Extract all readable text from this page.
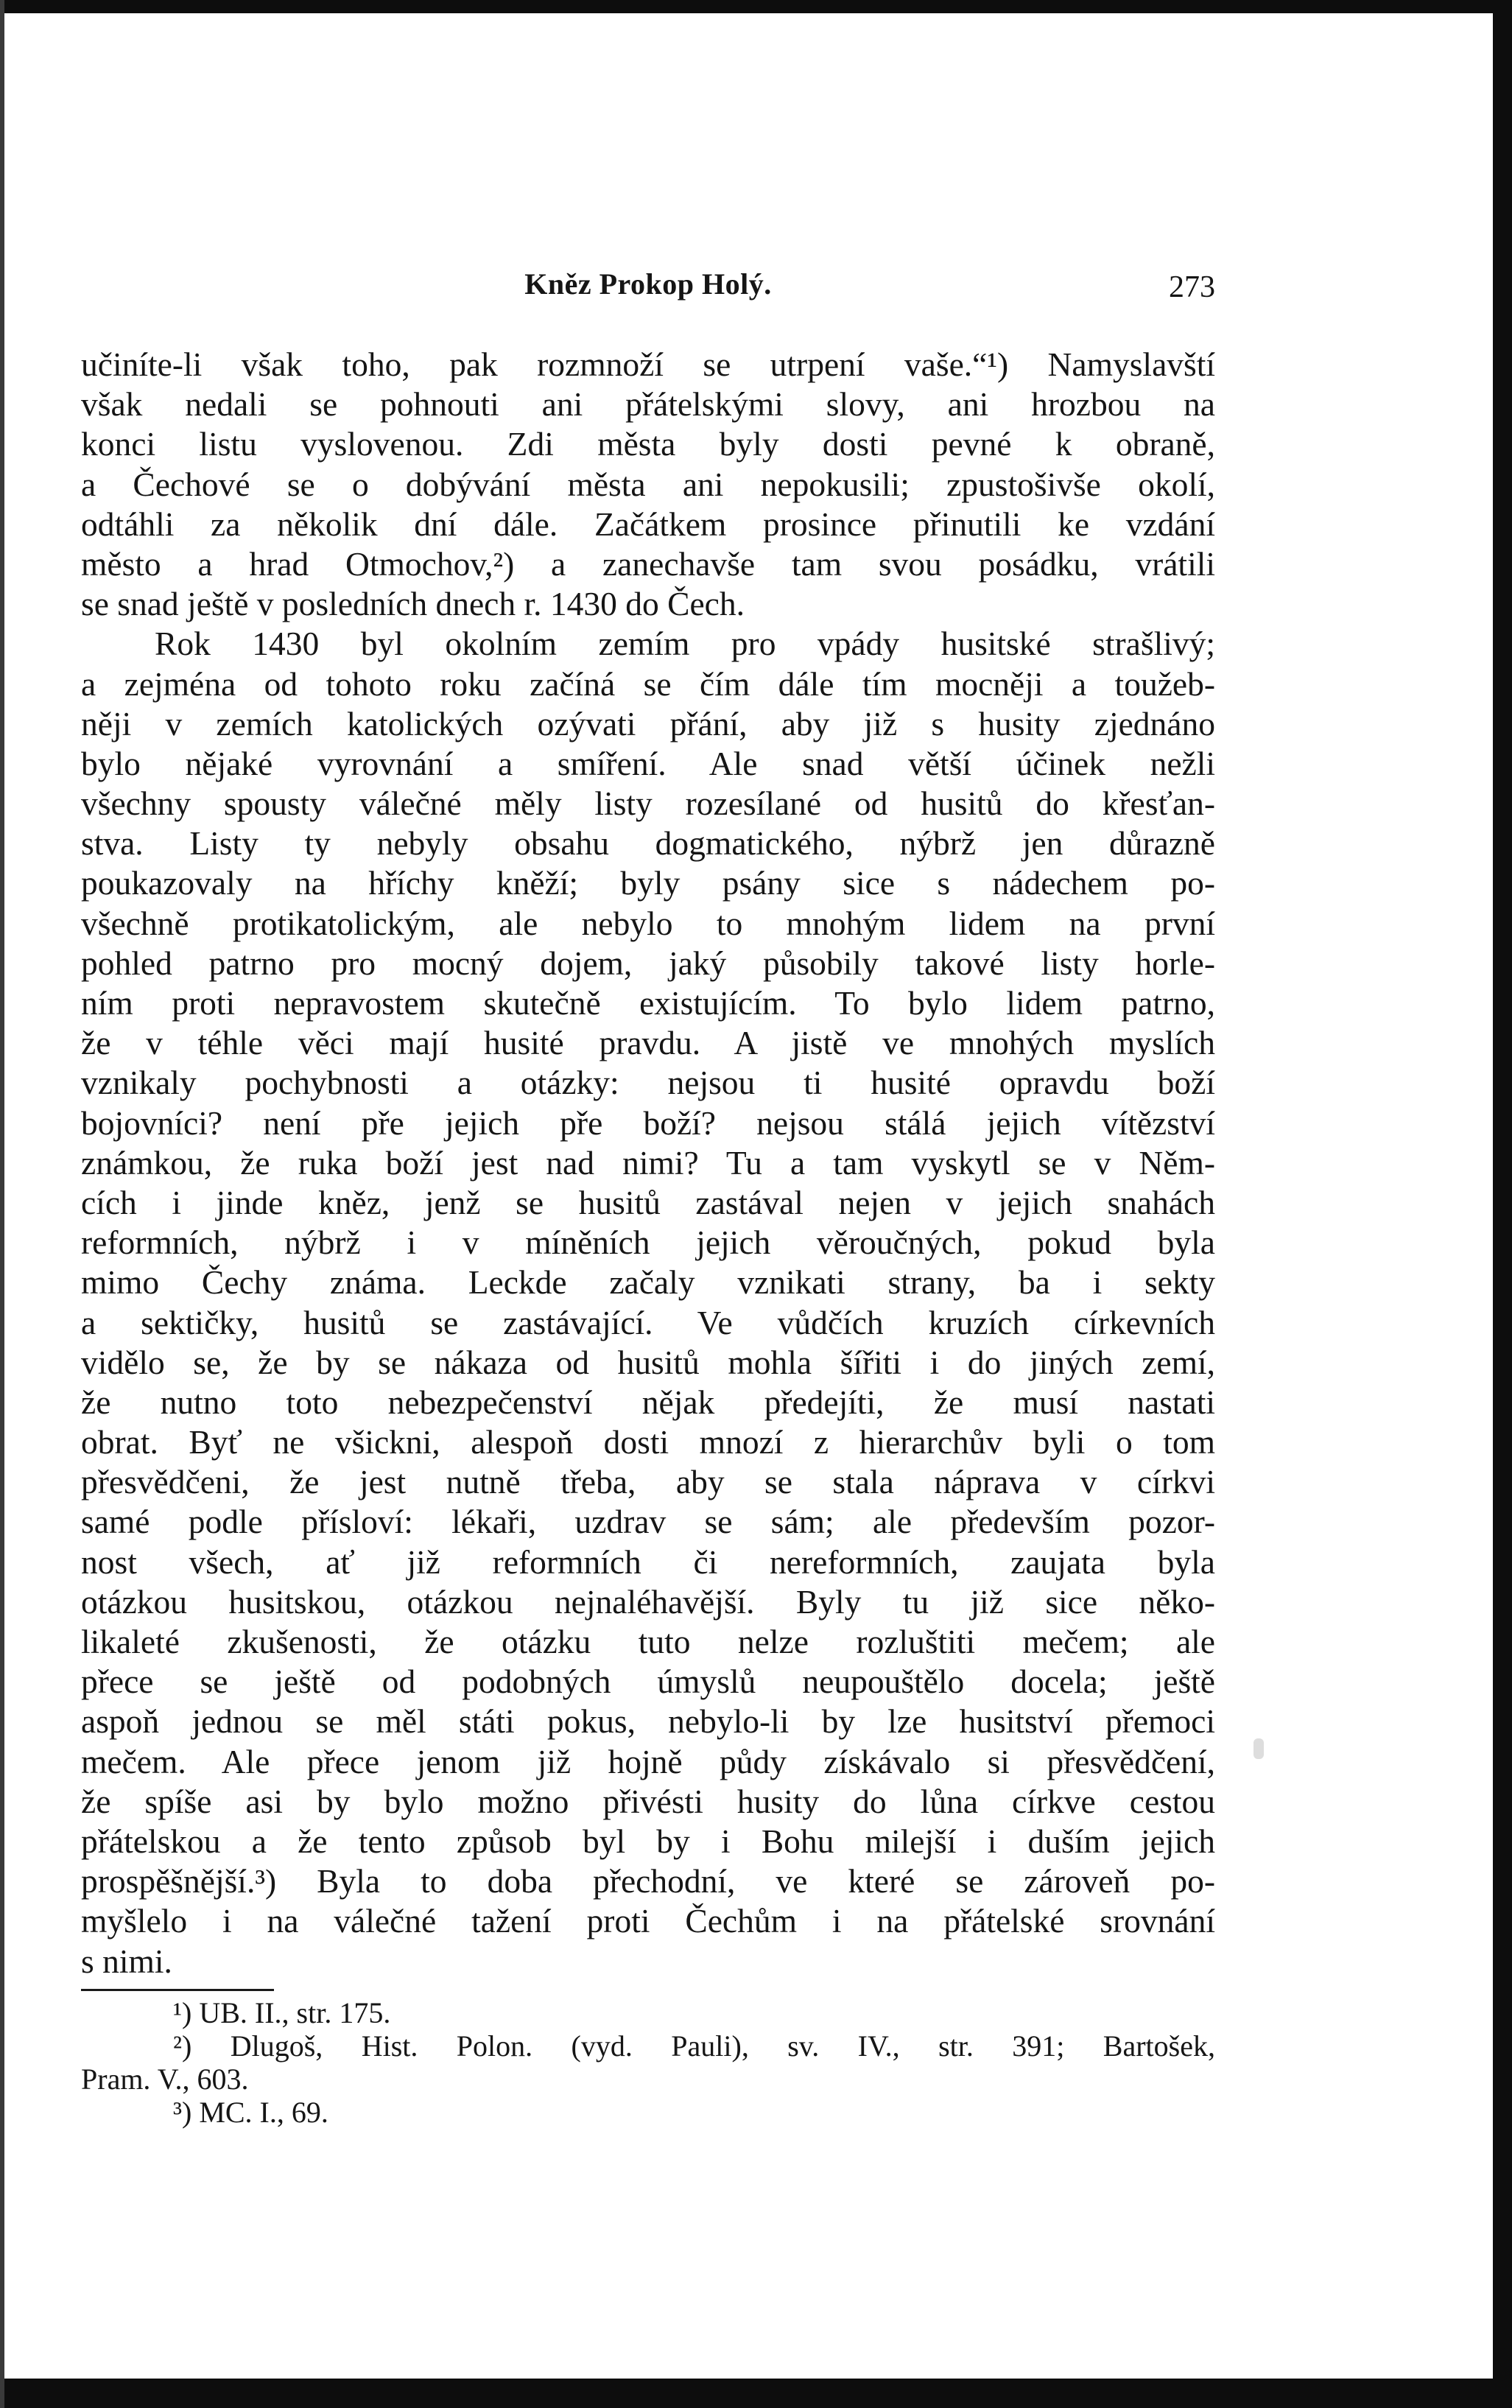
Kněz Prokop Holý.	273
učiníte-li však toho, pak rozmnoží se utrpení vaše.“¹) Namyslavští
však nedali se pohnouti ani přátelskými slovy, ani hrozbou na
konci listu vyslovenou. Zdi města byly dosti pevné k obraně,
a Čechové se o dobývání města ani nepokusili; zpustošivše okolí,
odtáhli za několik dní dále. Začátkem prosince přinutili ke vzdání
město a hrad Otmochov,²) a zanechavše tam svou posádku, vrátili
se snad ještě v posledních dnech r. 1430 do Čech.
Rok 1430 byl okolním zemím pro vpády husitské strašlivý;
a zejména od tohoto roku začíná se čím dále tím mocněji a toužeb-
něji v zemích katolických ozývati přání, aby již s husity zjednáno
bylo nějaké vyrovnání a smíření. Ale snad větší účinek nežli
všechny spousty válečné měly listy rozesílané od husitů do křesťan-
stva. Listy ty nebyly obsahu dogmatického, nýbrž jen důrazně
poukazovaly na hříchy kněží; byly psány sice s nádechem po-
všechně protikatolickým, ale nebylo to mnohým lidem na první
pohled patrno pro mocný dojem, jaký působily takové listy horle-
ním proti nepravostem skutečně existujícím. To bylo lidem patrno,
že v téhle věci mají husité pravdu. A jistě ve mnohých myslích
vznikaly pochybnosti a otázky: nejsou ti husité opravdu boží
bojovníci? není pře jejich pře boží? nejsou stálá jejich vítězství
známkou, že ruka boží jest nad nimi? Tu a tam vyskytl se v Něm-
cích i jinde kněz, jenž se husitů zastával nejen v jejich snahách
reformních, nýbrž i v míněních jejich věroučných, pokud byla
mimo Čechy známa. Leckde začaly vznikati strany, ba i sekty
a sektičky, husitů se zastávající. Ve vůdčích kruzích církevních
vidělo se, že by se nákaza od husitů mohla šířiti i do jiných zemí,
že nutno toto nebezpečenství nějak předejíti, že musí nastati
obrat. Byť ne všickni, alespoň dosti mnozí z hierarchův byli o tom
přesvědčeni, že jest nutně třeba, aby se stala náprava v církvi
samé podle přísloví: lékaři, uzdrav se sám; ale především pozor-
nost všech, ať již reformních či nereformních, zaujata byla
otázkou husitskou, otázkou nejnaléhavější. Byly tu již sice něko-
likaleté zkušenosti, že otázku tuto nelze rozluštiti mečem; ale
přece se ještě od podobných úmyslů neupouštělo docela; ještě
aspoň jednou se měl státi pokus, nebylo-li by lze husitství přemoci
mečem. Ale přece jenom již hojně půdy získávalo si přesvědčení,
že spíše asi by bylo možno přivésti husity do lůna církve cestou
přátelskou a že tento způsob byl by i Bohu milejší i duším jejich
prospěšnější.³) Byla to doba přechodní, ve které se zároveň po-
myšlelo i na válečné tažení proti Čechům i na přátelské srovnání
s nimi.
¹) UB. II., str. 175.
²) Dlugoš, Hist. Polon. (vyd. Pauli), sv. IV., str. 391; Bartošek,
Pram. V., 603.
³) MC. I., 69.
